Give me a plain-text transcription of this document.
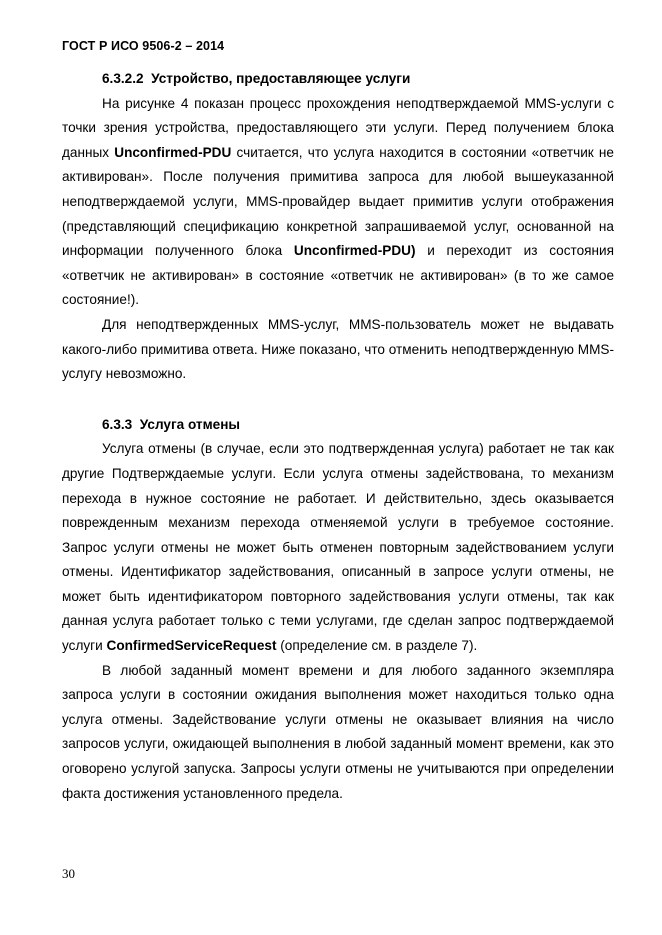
ГОСТ Р ИСО 9506-2 – 2014

6.3.2.2 Устройство, предоставляющее услуги

На рисунке 4 показан процесс прохождения неподтверждаемой MMS-услуги с точки зрения устройства, предоставляющего эти услуги. Перед получением блока данных Unconfirmed-PDU считается, что услуга находится в состоянии «ответчик не активирован». После получения примитива запроса для любой вышеуказанной неподтверждаемой услуги, MMS-провайдер выдает примитив услуги отображения (представляющий спецификацию конкретной запрашиваемой услуг, основанной на информации полученного блока Unconfirmed-PDU) и переходит из состояния «ответчик не активирован» в состояние «ответчик не активирован» (в то же самое состояние!).

Для неподтвержденных MMS-услуг, MMS-пользователь может не выдавать какого-либо примитива ответа. Ниже показано, что отменить неподтвержденную MMS-услугу невозможно.

6.3.3 Услуга отмены

Услуга отмены (в случае, если это подтвержденная услуга) работает не так как другие Подтверждаемые услуги. Если услуга отмены задействована, то механизм перехода в нужное состояние не работает. И действительно, здесь оказывается поврежденным механизм перехода отменяемой услуги в требуемое состояние. Запрос услуги отмены не может быть отменен повторным задействованием услуги отмены. Идентификатор задействования, описанный в запросе услуги отмены, не может быть идентификатором повторного задействования услуги отмены, так как данная услуга работает только с теми услугами, где сделан запрос подтверждаемой услуги ConfirmedServiceRequest (определение см. в разделе 7).

В любой заданный момент времени и для любого заданного экземпляра запроса услуги в состоянии ожидания выполнения может находиться только одна услуга отмены. Задействование услуги отмены не оказывает влияния на число запросов услуги, ожидающей выполнения в любой заданный момент времени, как это оговорено услугой запуска. Запросы услуги отмены не учитываются при определении факта достижения установленного предела.

30
